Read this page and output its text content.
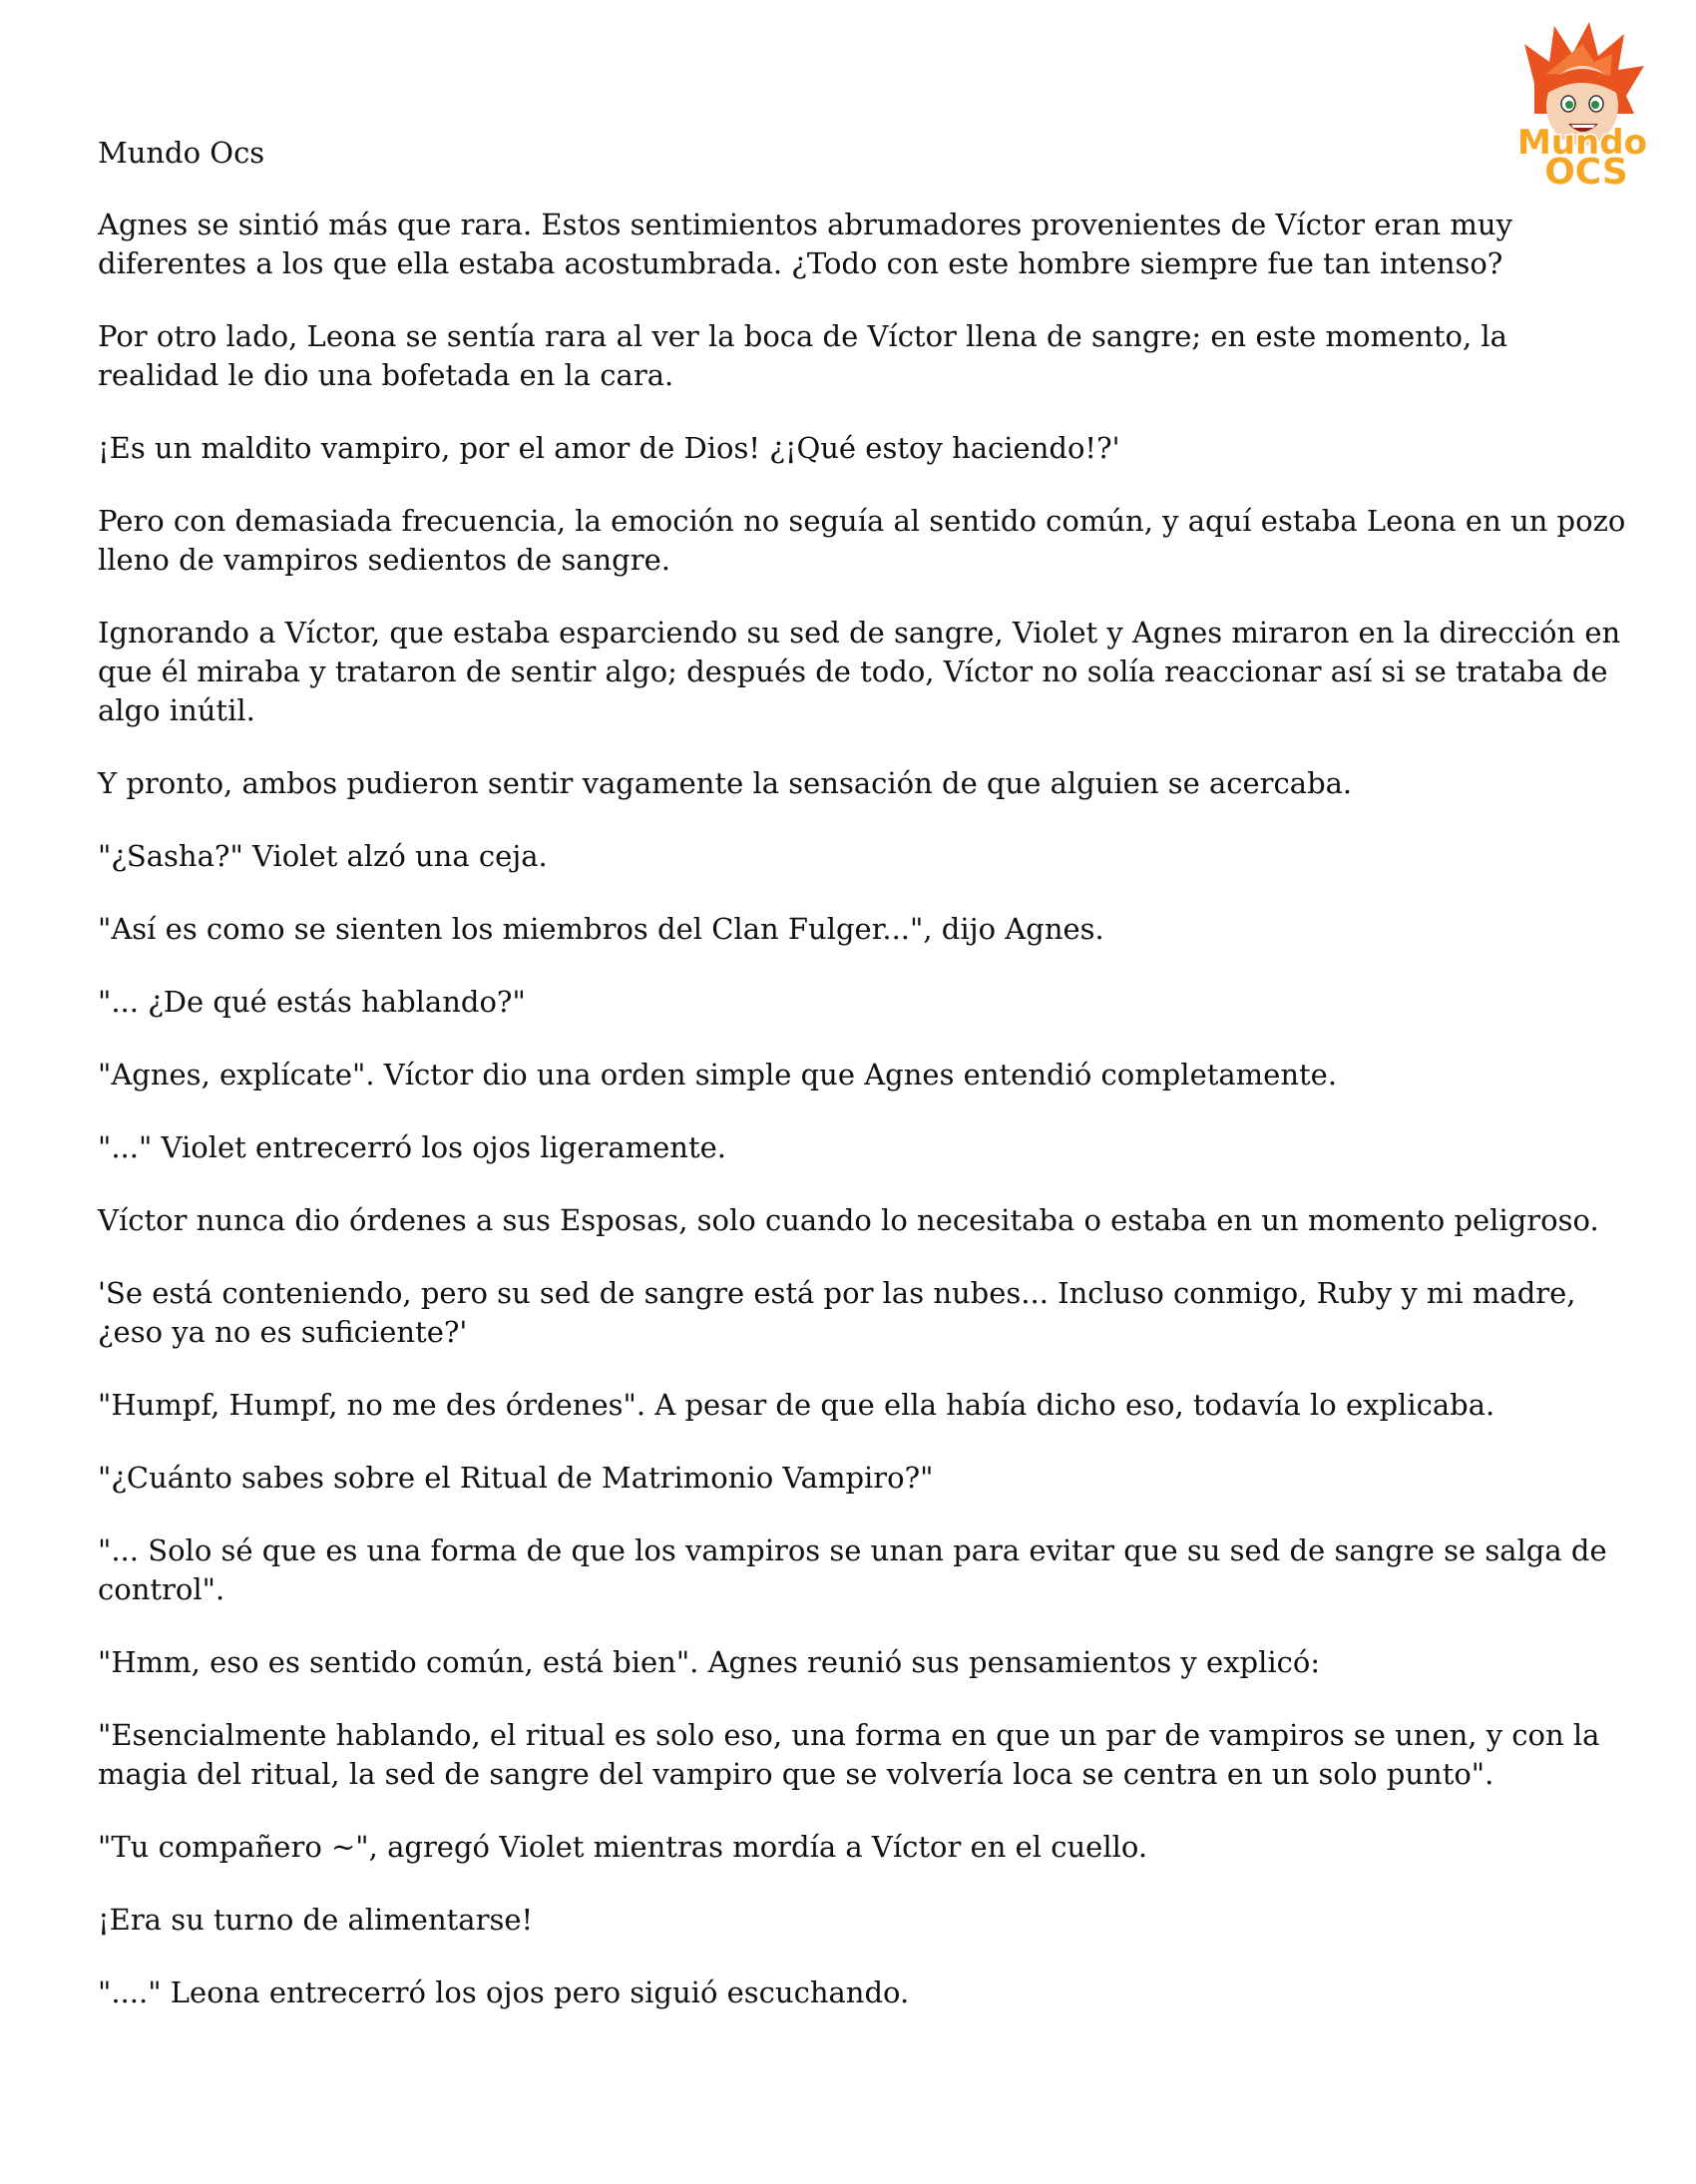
Mundo
OCS
Mundo Ocs

Agnes se sintió más que rara. Estos sentimientos abrumadores provenientes de Víctor eran muy diferentes a los que ella estaba acostumbrada. ¿Todo con este hombre siempre fue tan intenso?

Por otro lado, Leona se sentía rara al ver la boca de Víctor llena de sangre; en este momento, la realidad le dio una bofetada en la cara.

¡Es un maldito vampiro, por el amor de Dios! ¿¡Qué estoy haciendo!?'

Pero con demasiada frecuencia, la emoción no seguía al sentido común, y aquí estaba Leona en un pozo lleno de vampiros sedientos de sangre.

Ignorando a Víctor, que estaba esparciendo su sed de sangre, Violet y Agnes miraron en la dirección en que él miraba y trataron de sentir algo; después de todo, Víctor no solía reaccionar así si se trataba de algo inútil.

Y pronto, ambos pudieron sentir vagamente la sensación de que alguien se acercaba.

"¿Sasha?" Violet alzó una ceja.

"Así es como se sienten los miembros del Clan Fulger...", dijo Agnes.

"... ¿De qué estás hablando?"

"Agnes, explícate". Víctor dio una orden simple que Agnes entendió completamente.

"..." Violet entrecerró los ojos ligeramente.

Víctor nunca dio órdenes a sus Esposas, solo cuando lo necesitaba o estaba en un momento peligroso.

'Se está conteniendo, pero su sed de sangre está por las nubes... Incluso conmigo, Ruby y mi madre, ¿eso ya no es suficiente?'

"Humpf, Humpf, no me des órdenes". A pesar de que ella había dicho eso, todavía lo explicaba.

"¿Cuánto sabes sobre el Ritual de Matrimonio Vampiro?"

"... Solo sé que es una forma de que los vampiros se unan para evitar que su sed de sangre se salga de control".

"Hmm, eso es sentido común, está bien". Agnes reunió sus pensamientos y explicó:

"Esencialmente hablando, el ritual es solo eso, una forma en que un par de vampiros se unen, y con la magia del ritual, la sed de sangre del vampiro que se volvería loca se centra en un solo punto".

"Tu compañero ~", agregó Violet mientras mordía a Víctor en el cuello.

¡Era su turno de alimentarse!

"...." Leona entrecerró los ojos pero siguió escuchando.
